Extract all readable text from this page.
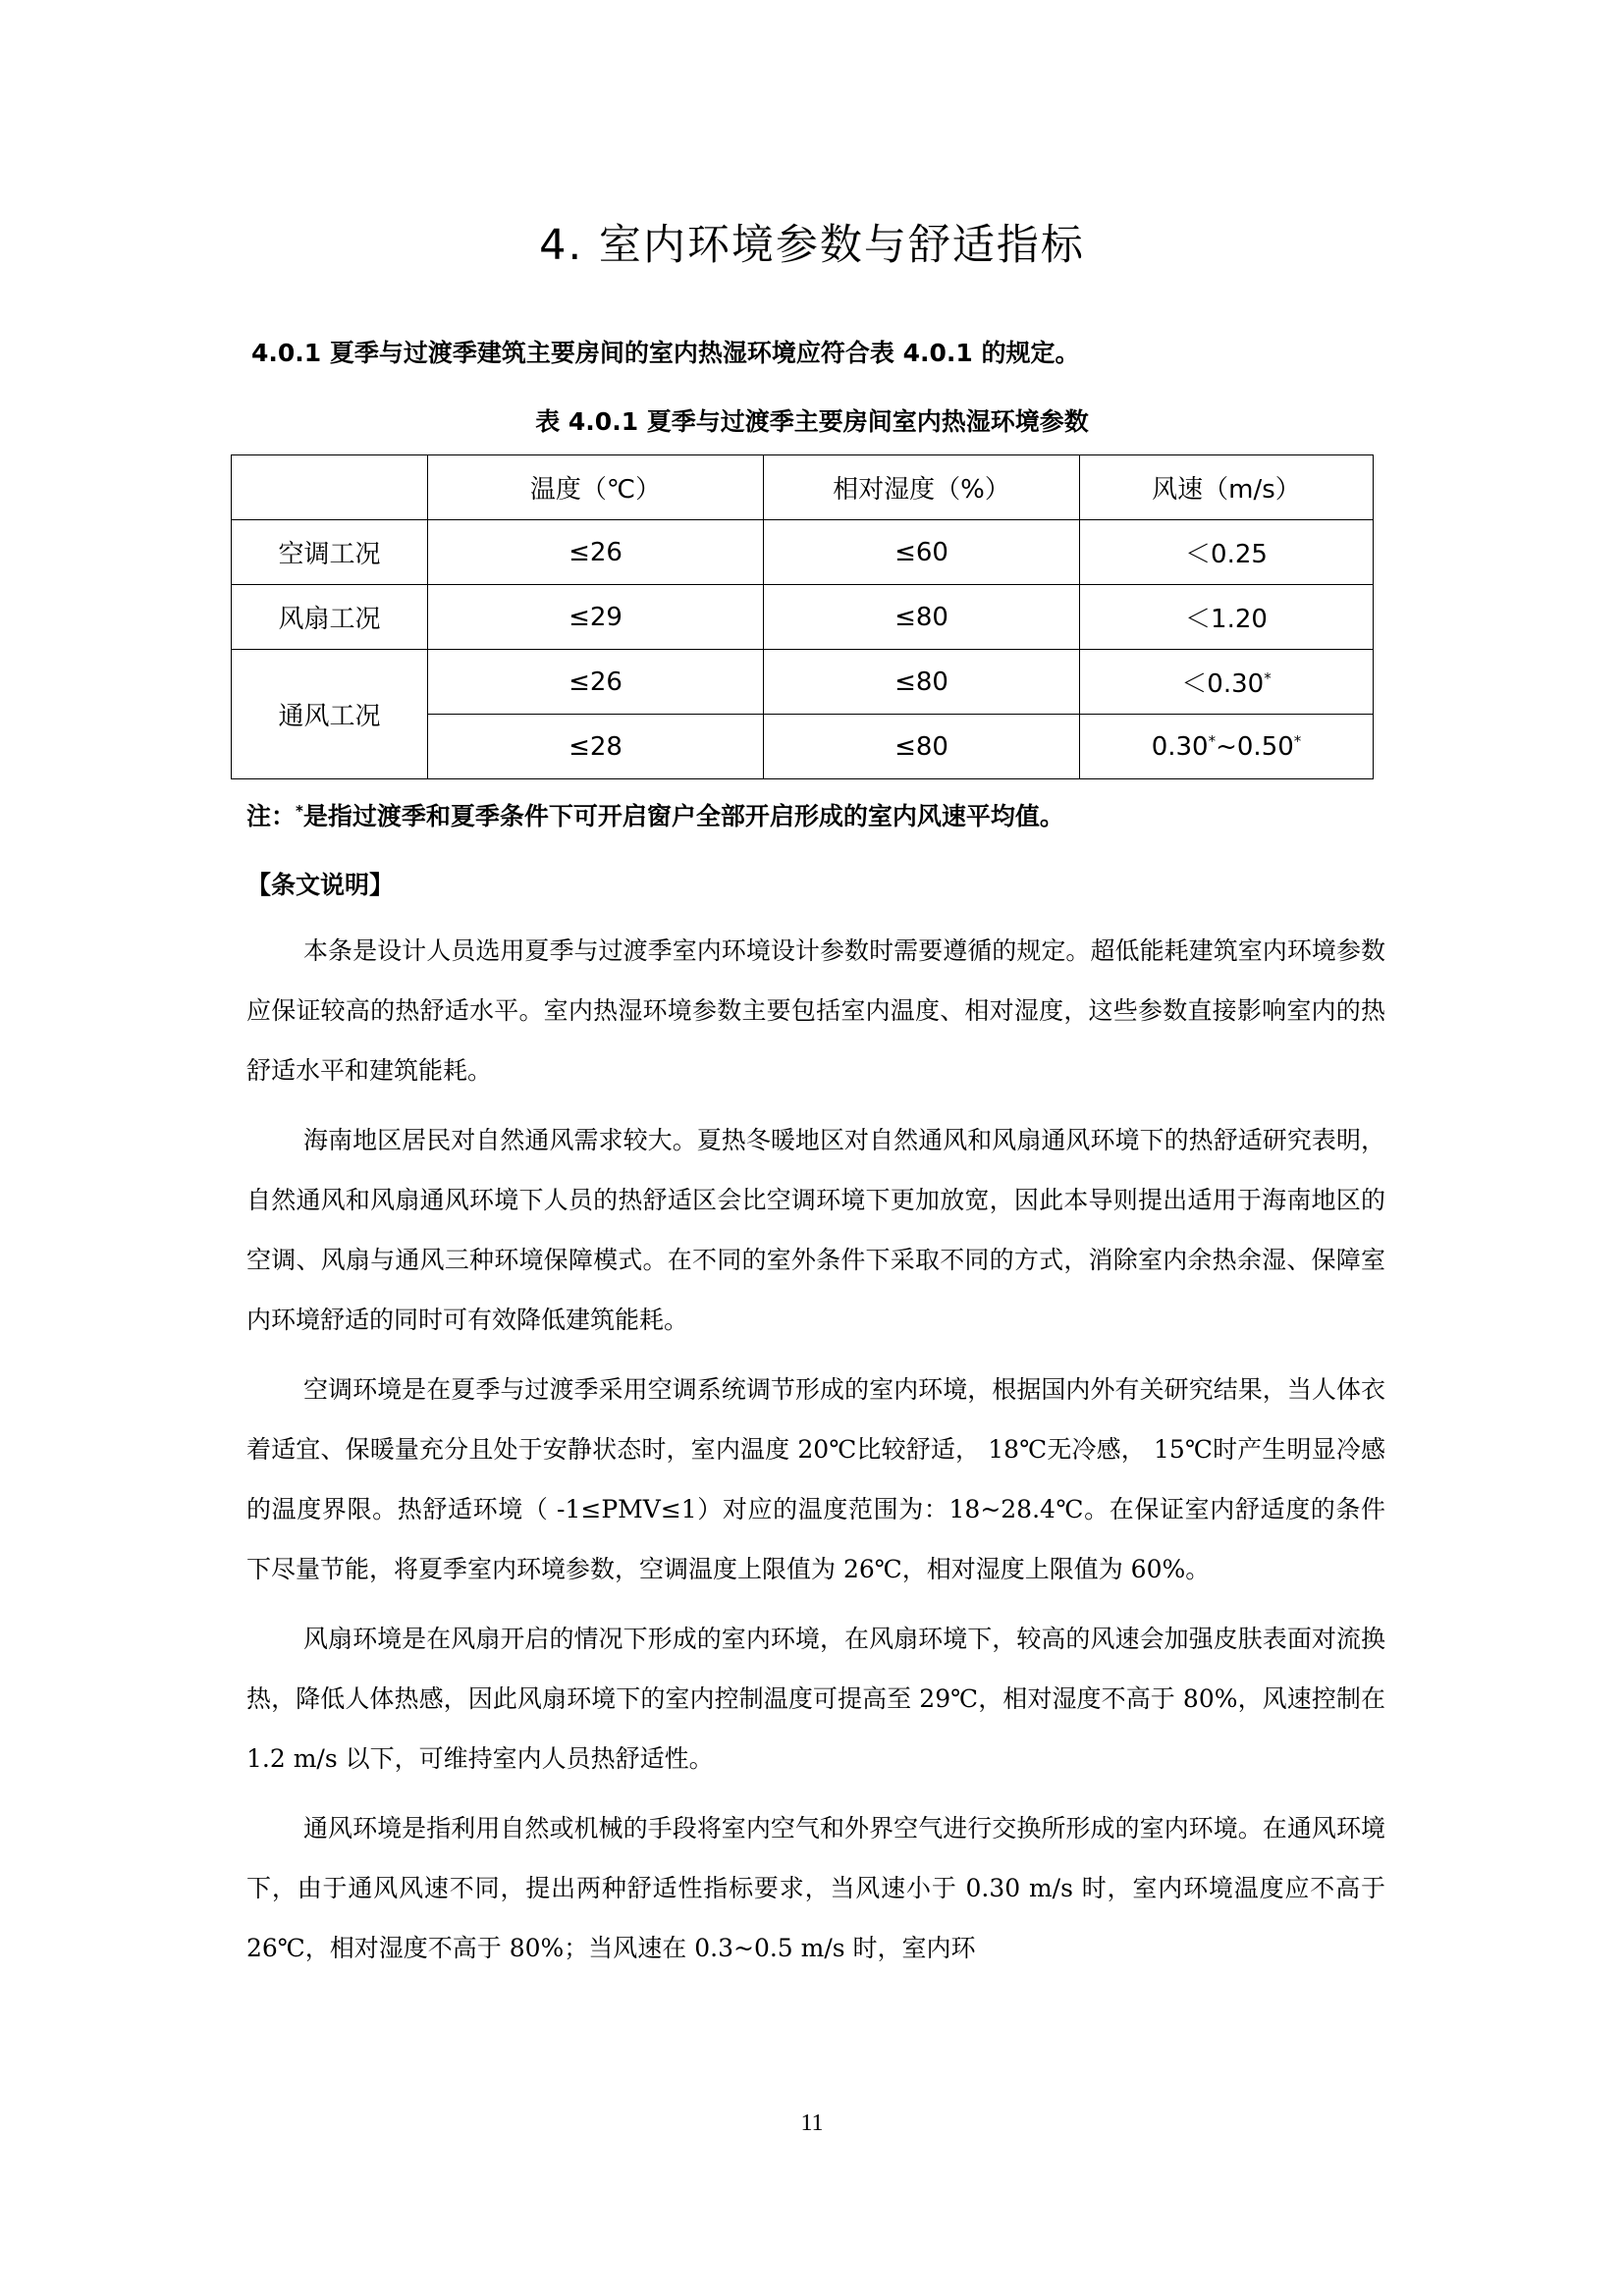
4. 室内环境参数与舒适指标
4.0.1 夏季与过渡季建筑主要房间的室内热湿环境应符合表 4.0.1 的规定。
表 4.0.1 夏季与过渡季主要房间室内热湿环境参数
	温度（℃）	相对湿度（%）	风速（m/s）
空调工况	≤26	≤60	＜0.25
风扇工况	≤29	≤80	＜1.20
通风工况	≤26	≤80	＜0.30*
	≤28	≤80	0.30*~0.50*
注：*是指过渡季和夏季条件下可开启窗户全部开启形成的室内风速平均值。
【条文说明】

本条是设计人员选用夏季与过渡季室内环境设计参数时需要遵循的规定。超低能耗建筑室内环境参数应保证较高的热舒适水平。室内热湿环境参数主要包括室内温度、相对湿度，这些参数直接影响室内的热舒适水平和建筑能耗。

海南地区居民对自然通风需求较大。夏热冬暖地区对自然通风和风扇通风环境下的热舒适研究表明，自然通风和风扇通风环境下人员的热舒适区会比空调环境下更加放宽，因此本导则提出适用于海南地区的空调、风扇与通风三种环境保障模式。在不同的室外条件下采取不同的方式，消除室内余热余湿、保障室内环境舒适的同时可有效降低建筑能耗。

空调环境是在夏季与过渡季采用空调系统调节形成的室内环境，根据国内外有关研究结果，当人体衣着适宜、保暖量充分且处于安静状态时，室内温度 20℃比较舒适， 18℃无冷感， 15℃时产生明显冷感的温度界限。热舒适环境（ -1≤PMV≤1）对应的温度范围为：18~28.4℃。在保证室内舒适度的条件下尽量节能，将夏季室内环境参数，空调温度上限值为 26℃，相对湿度上限值为 60%。

风扇环境是在风扇开启的情况下形成的室内环境，在风扇环境下，较高的风速会加强皮肤表面对流换热，降低人体热感，因此风扇环境下的室内控制温度可提高至 29℃，相对湿度不高于 80%，风速控制在 1.2 m/s 以下，可维持室内人员热舒适性。

通风环境是指利用自然或机械的手段将室内空气和外界空气进行交换所形成的室内环境。在通风环境下，由于通风风速不同，提出两种舒适性指标要求，当风速小于 0.30 m/s 时，室内环境温度应不高于 26℃，相对湿度不高于 80%；当风速在 0.3~0.5 m/s 时，室内环

11
